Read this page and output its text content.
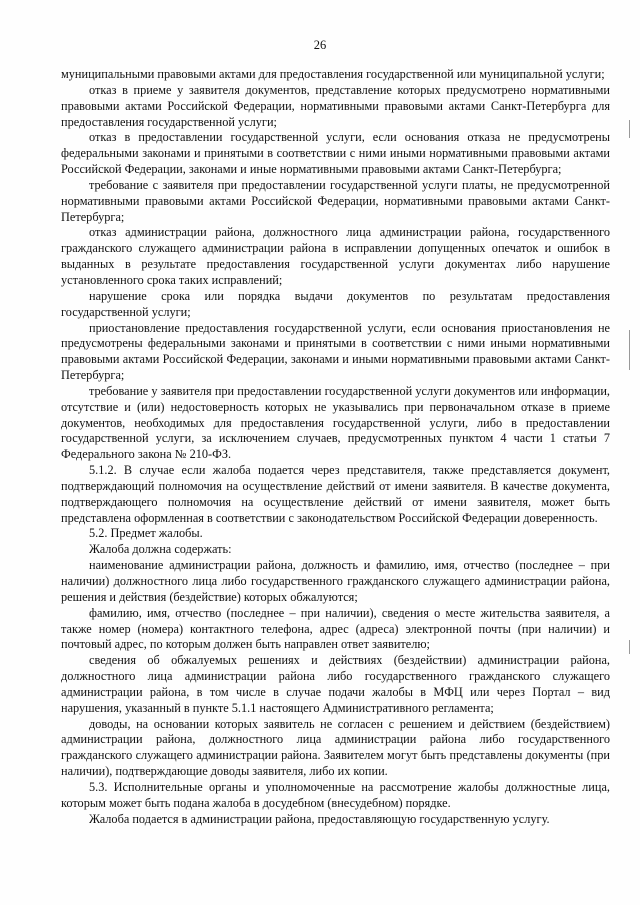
26

муниципальными правовыми актами для предоставления государственной или муниципальной услуги;

отказ в приеме у заявителя документов, представление которых предусмотрено нормативными правовыми актами Российской Федерации, нормативными правовыми актами Санкт-Петербурга для предоставления государственной услуги;

отказ в предоставлении государственной услуги, если основания отказа не предусмотрены федеральными законами и принятыми в соответствии с ними иными нормативными правовыми актами Российской Федерации, законами и иные нормативными правовыми актами Санкт-Петербурга;

требование с заявителя при предоставлении государственной услуги платы, не предусмотренной нормативными правовыми актами Российской Федерации, нормативными правовыми актами Санкт-Петербурга;

отказ администрации района, должностного лица администрации района, государственного гражданского служащего администрации района в исправлении допущенных опечаток и ошибок в выданных в результате предоставления государственной услуги документах либо нарушение установленного срока таких исправлений;

нарушение срока или порядка выдачи документов по результатам предоставления государственной услуги;

приостановление предоставления государственной услуги, если основания приостановления не предусмотрены федеральными законами и принятыми в соответствии с ними иными нормативными правовыми актами Российской Федерации, законами и иными нормативными правовыми актами Санкт-Петербурга;

требование у заявителя при предоставлении государственной услуги документов или информации, отсутствие и (или) недостоверность которых не указывались при первоначальном отказе в приеме документов, необходимых для предоставления государственной услуги, либо в предоставлении государственной услуги, за исключением случаев, предусмотренных пунктом 4 части 1 статьи 7 Федерального закона № 210-ФЗ.

5.1.2. В случае если жалоба подается через представителя, также представляется документ, подтверждающий полномочия на осуществление действий от имени заявителя. В качестве документа, подтверждающего полномочия на осуществление действий от имени заявителя, может быть представлена оформленная в соответствии с законодательством Российской Федерации доверенность.

5.2. Предмет жалобы.

Жалоба должна содержать:

наименование администрации района, должность и фамилию, имя, отчество (последнее – при наличии) должностного лица либо государственного гражданского служащего администрации района, решения и действия (бездействие) которых обжалуются;

фамилию, имя, отчество (последнее – при наличии), сведения о месте жительства заявителя, а также номер (номера) контактного телефона, адрес (адреса) электронной почты (при наличии) и почтовый адрес, по которым должен быть направлен ответ заявителю;

сведения об обжалуемых решениях и действиях (бездействии) администрации района, должностного лица администрации района либо государственного гражданского служащего администрации района, в том числе в случае подачи жалобы в МФЦ или через Портал – вид нарушения, указанный в пункте 5.1.1 настоящего Административного регламента;

доводы, на основании которых заявитель не согласен с решением и действием (бездействием) администрации района, должностного лица администрации района либо государственного гражданского служащего администрации района. Заявителем могут быть представлены документы (при наличии), подтверждающие доводы заявителя, либо их копии.

5.3. Исполнительные органы и уполномоченные на рассмотрение жалобы должностные лица, которым может быть подана жалоба в досудебном (внесудебном) порядке.

Жалоба подается в администрации района, предоставляющую государственную услугу.
